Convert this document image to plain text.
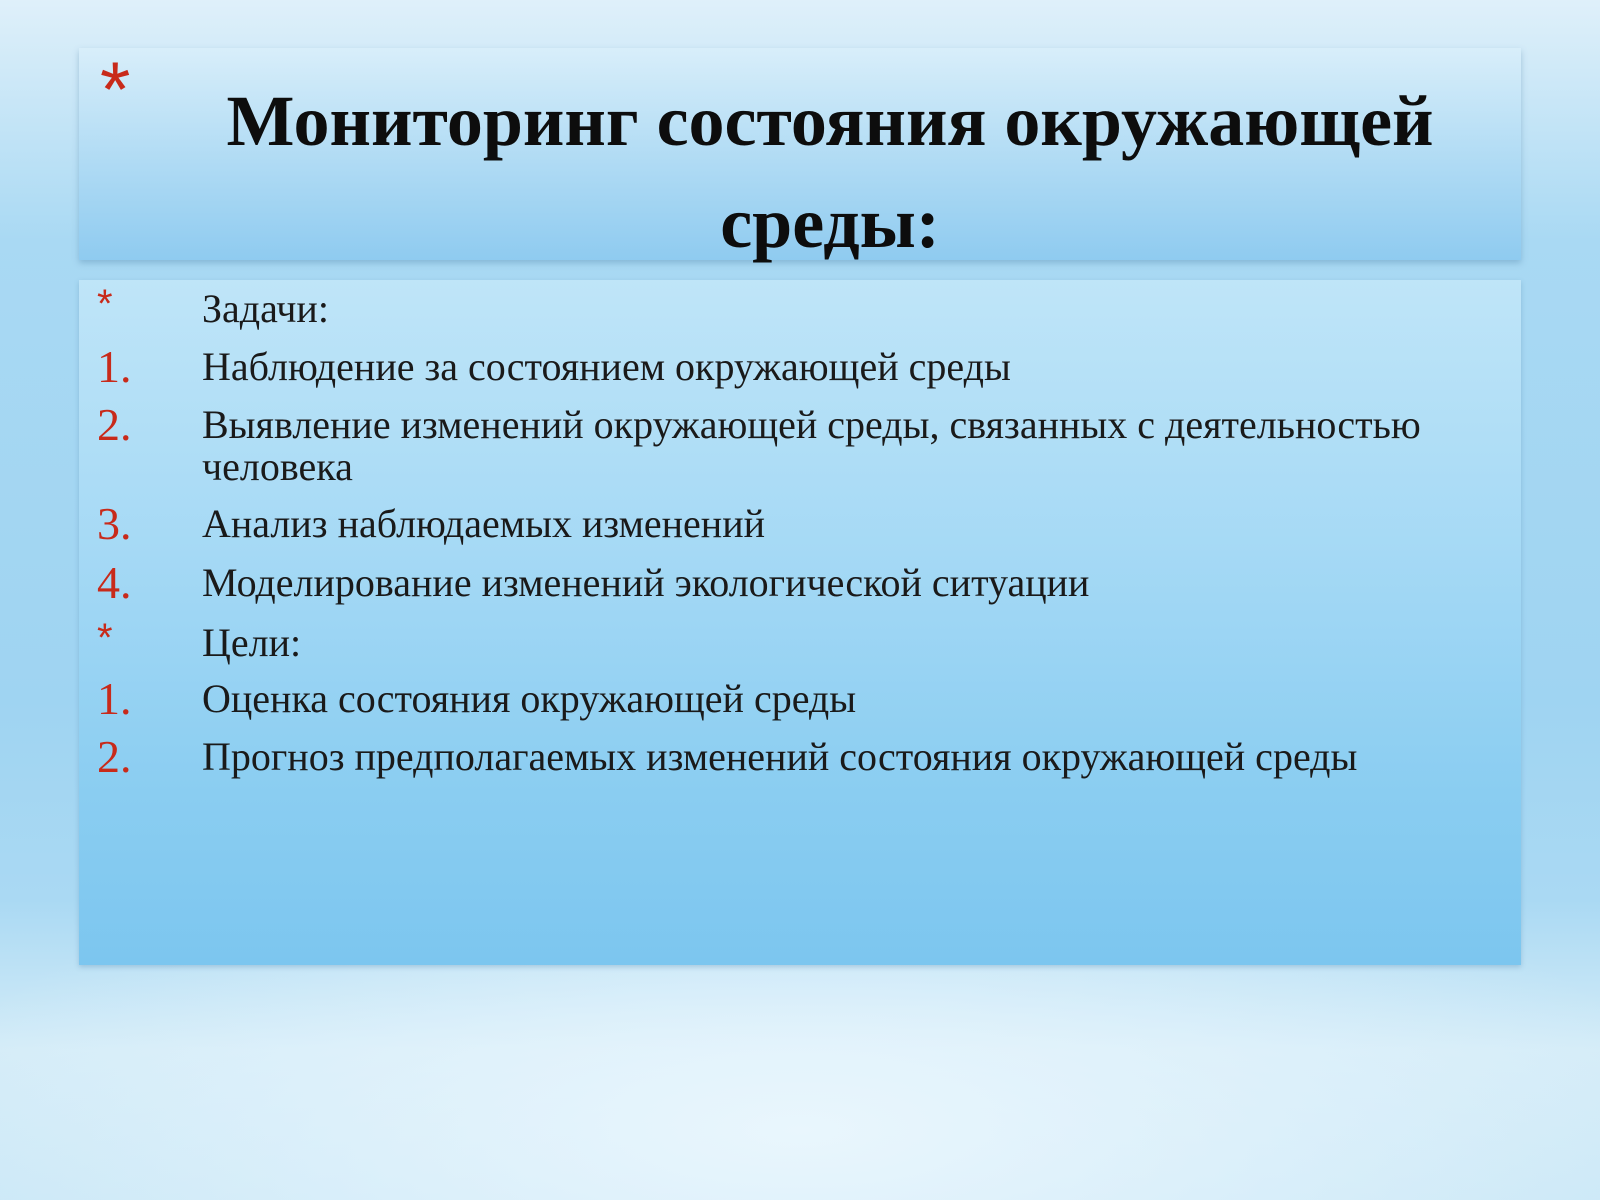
*	Мониторинг состояния окружающей среды:
* Задачи:
1. Наблюдение за состоянием окружающей среды
2. Выявление изменений окружающей среды, связанных с деятельностью человека
3. Анализ наблюдаемых изменений
4. Моделирование изменений экологической ситуации
* Цели:
1. Оценка состояния окружающей среды
2. Прогноз предполагаемых изменений состояния окружающей среды
